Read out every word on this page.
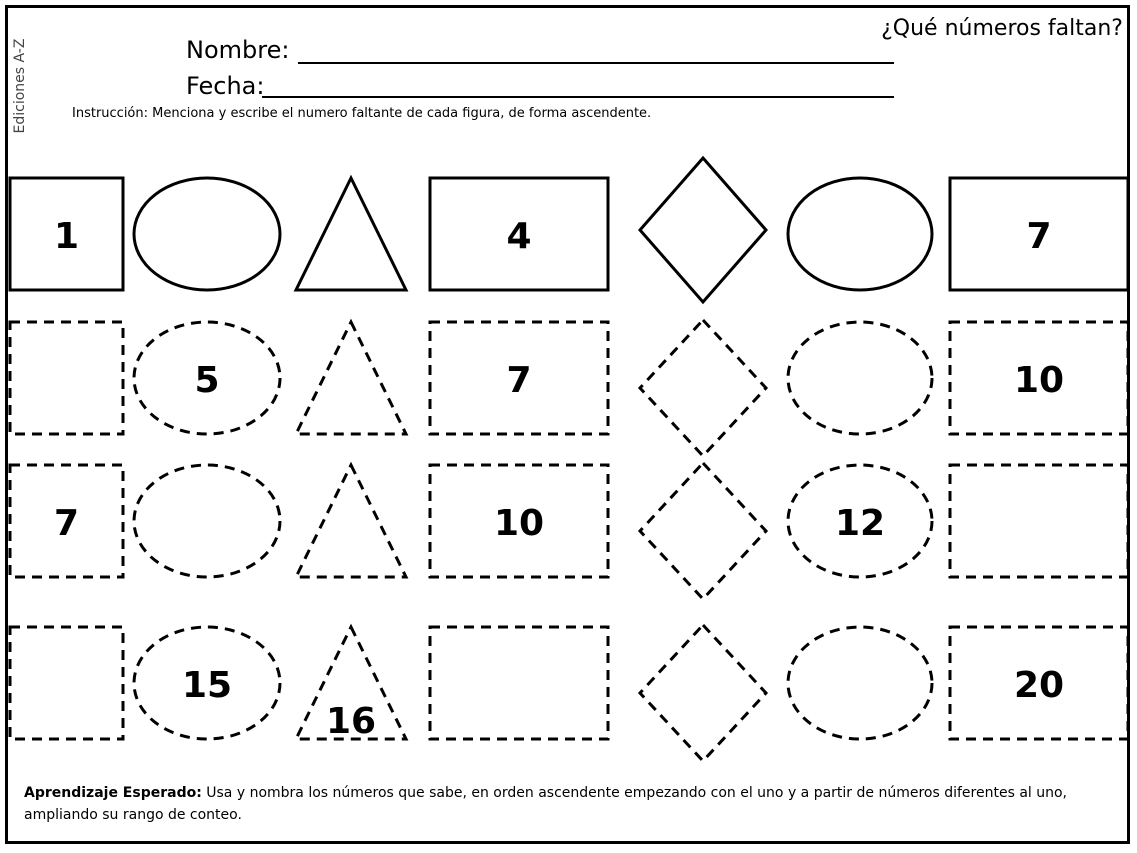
Ediciones A-Z
¿Qué números faltan?
Nombre:
Fecha:
Instrucción: Menciona y escribe el numero faltante de cada figura, de forma ascendente.
1	4	7
5	7	10
7	10	12
15
16
20
Aprendizaje Esperado: Usa y nombra los números que sabe, en orden ascendente empezando con el uno y a partir de números diferentes al uno, ampliando su rango de conteo.
